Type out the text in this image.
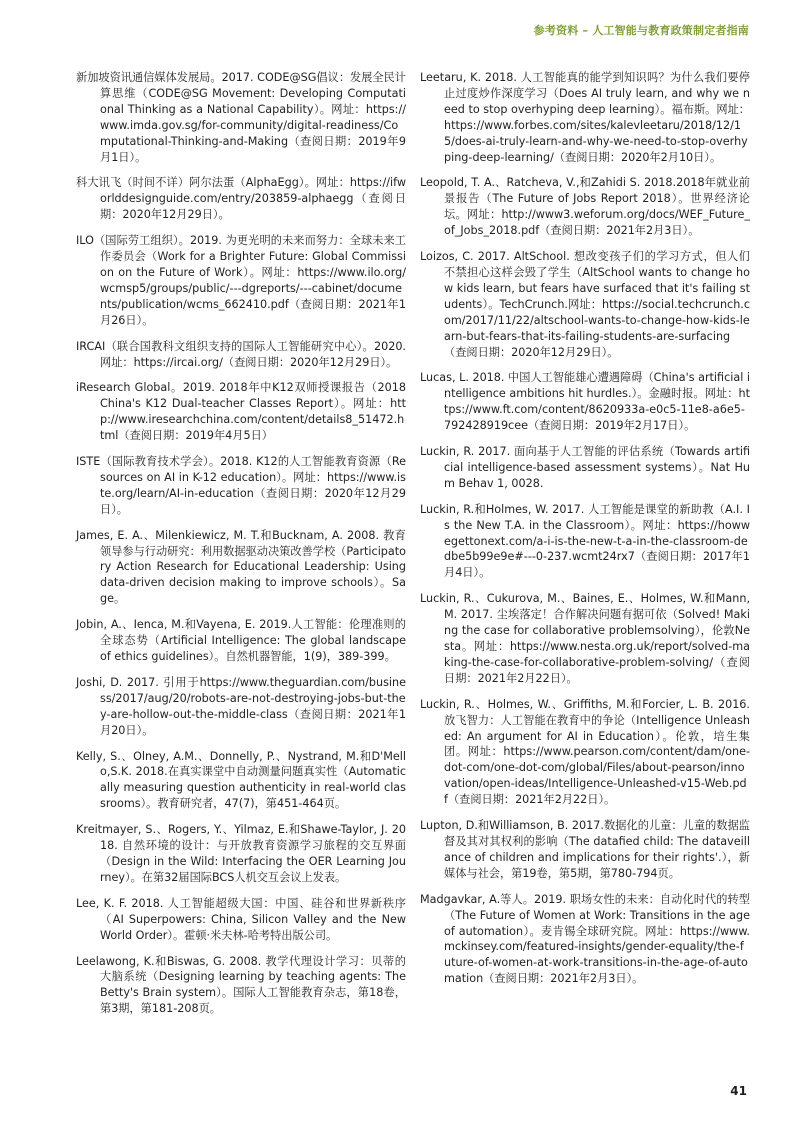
参考资料 – 人工智能与教育政策制定者指南

新加坡资讯通信媒体发展局。2017. CODE@SG倡议：发展全民计算思维（CODE@SG Movement: Developing Computational Thinking as a National Capability）。网址：https://www.imda.gov.sg/for-community/digital-readiness/Computational-Thinking-and-Making（查阅日期：2019年9月1日）。

科大讯飞（时间不详）阿尔法蛋（AlphaEgg）。网址：https://ifworlddesignguide.com/entry/203859-alphaegg（查阅日期：2020年12月29日）。

ILO（国际劳工组织）。2019. 为更光明的未来而努力：全球未来工作委员会（Work for a Brighter Future: Global Commission on the Future of Work）。网址：https://www.ilo.org/wcmsp5/groups/public/---dgreports/---cabinet/documents/publication/wcms_662410.pdf（查阅日期：2021年1月26日）。

IRCAI（联合国教科文组织支持的国际人工智能研究中心）。2020.网址：https://ircai.org/（查阅日期：2020年12月29日）。

iResearch Global。2019. 2018年中K12双师授课报告（2018 China's K12 Dual-teacher Classes Report）。网址：http://www.iresearchchina.com/content/details8_51472.html（查阅日期：2019年4月5日）

ISTE（国际教育技术学会）。2018. K12的人工智能教育资源（Resources on AI in K-12 education）。网址：https://www.iste.org/learn/AI-in-education（查阅日期：2020年12月29日）。

James, E. A.、Milenkiewicz, M. T.和Bucknam, A. 2008. 教育领导参与行动研究：利用数据驱动决策改善学校（Participatory Action Research for Educational Leadership: Using data-driven decision making to improve schools）。Sage。

Jobin, A.、Ienca, M.和Vayena, E. 2019.人工智能：伦理准则的全球态势（Artificial Intelligence: The global landscape of ethics guidelines）。自然机器智能，1(9)，389-399。

Joshi, D. 2017. 引用于https://www.theguardian.com/business/2017/aug/20/robots-are-not-destroying-jobs-but-they-are-hollow-out-the-middle-class（查阅日期：2021年1月20日）。

Kelly, S.、Olney, A.M.、Donnelly, P.、Nystrand, M.和D'Mello,S.K. 2018.在真实课堂中自动测量问题真实性（Automatically measuring question authenticity in real-world classrooms）。教育研究者，47(7)，第451-464页。

Kreitmayer, S.、Rogers, Y.、Yilmaz, E.和Shawe-Taylor, J. 2018. 自然环境的设计：与开放教育资源学习旅程的交互界面（Design in the Wild: Interfacing the OER Learning Journey）。在第32届国际BCS人机交互会议上发表。

Lee, K. F. 2018. 人工智能超级大国：中国、硅谷和世界新秩序（AI Superpowers: China, Silicon Valley and the New World Order）。霍顿·米夫林-哈考特出版公司。

Leelawong, K.和Biswas, G. 2008. 教学代理设计学习：贝蒂的大脑系统（Designing learning by teaching agents: The Betty's Brain system）。国际人工智能教育杂志，第18卷，第3期，第181-208页。

Leetaru, K. 2018. 人工智能真的能学到知识吗？为什么我们要停止过度炒作深度学习（Does AI truly learn, and why we need to stop overhyping deep learning）。福布斯。网址：https://www.forbes.com/sites/kalevleetaru/2018/12/15/does-ai-truly-learn-and-why-we-need-to-stop-overhyping-deep-learning/（查阅日期：2020年2月10日）。

Leopold, T. A.、Ratcheva, V.,和Zahidi S. 2018.2018年就业前景报告（The Future of Jobs Report 2018）。世界经济论坛。网址：http://www3.weforum.org/docs/WEF_Future_of_Jobs_2018.pdf（查阅日期：2021年2月3日）。

Loizos, C. 2017. AltSchool. 想改变孩子们的学习方式，但人们不禁担心这样会毁了学生（AltSchool wants to change how kids learn, but fears have surfaced that it's failing students）。TechCrunch.网址：https://social.techcrunch.com/2017/11/22/altschool-wants-to-change-how-kids-learn-but-fears-that-its-failing-students-are-surfacing（查阅日期：2020年12月29日）。

Lucas, L. 2018. 中国人工智能雄心遭遇障碍（China's artificial intelligence ambitions hit hurdles.）。金融时报。网址：https://www.ft.com/content/8620933a-e0c5-11e8-a6e5-792428919cee（查阅日期：2019年2月17日）。

Luckin, R. 2017. 面向基于人工智能的评估系统（Towards artificial intelligence-based assessment systems）。Nat Hum Behav 1, 0028.

Luckin, R.和Holmes, W. 2017. 人工智能是课堂的新助教（A.I. Is the New T.A. in the Classroom）。网址：https://howwegettonext.com/a-i-is-the-new-t-a-in-the-classroom-dedbe5b99e9e#---0-237.wcmt24rx7（查阅日期：2017年1月4日）。

Luckin, R.、Cukurova, M.、Baines, E.、Holmes, W.和Mann, M. 2017. 尘埃落定！合作解决问题有据可依（Solved! Making the case for collaborative problemsolving），伦敦Nesta。网址：https://www.nesta.org.uk/report/solved-making-the-case-for-collaborative-problem-solving/（查阅日期：2021年2月22日）。

Luckin, R.、Holmes, W.、Griffiths, M.和Forcier, L. B. 2016. 放飞智力：人工智能在教育中的争论（Intelligence Unleashed: An argument for AI in Education）。伦敦，培生集团。网址：https://www.pearson.com/content/dam/one-dot-com/one-dot-com/global/Files/about-pearson/innovation/open-ideas/Intelligence-Unleashed-v15-Web.pdf（查阅日期：2021年2月22日）。

Lupton, D.和Williamson, B. 2017.数据化的儿童：儿童的数据监督及其对其权利的影响（The datafied child: The dataveillance of children and implications for their rights'.），新媒体与社会，第19卷，第5期，第780-794页。

Madgavkar, A.等人。2019. 职场女性的未来：自动化时代的转型（The Future of Women at Work: Transitions in the age of automation）。麦肯锡全球研究院。网址：https://www.mckinsey.com/featured-insights/gender-equality/the-future-of-women-at-work-transitions-in-the-age-of-automation（查阅日期：2021年2月3日）。

41
